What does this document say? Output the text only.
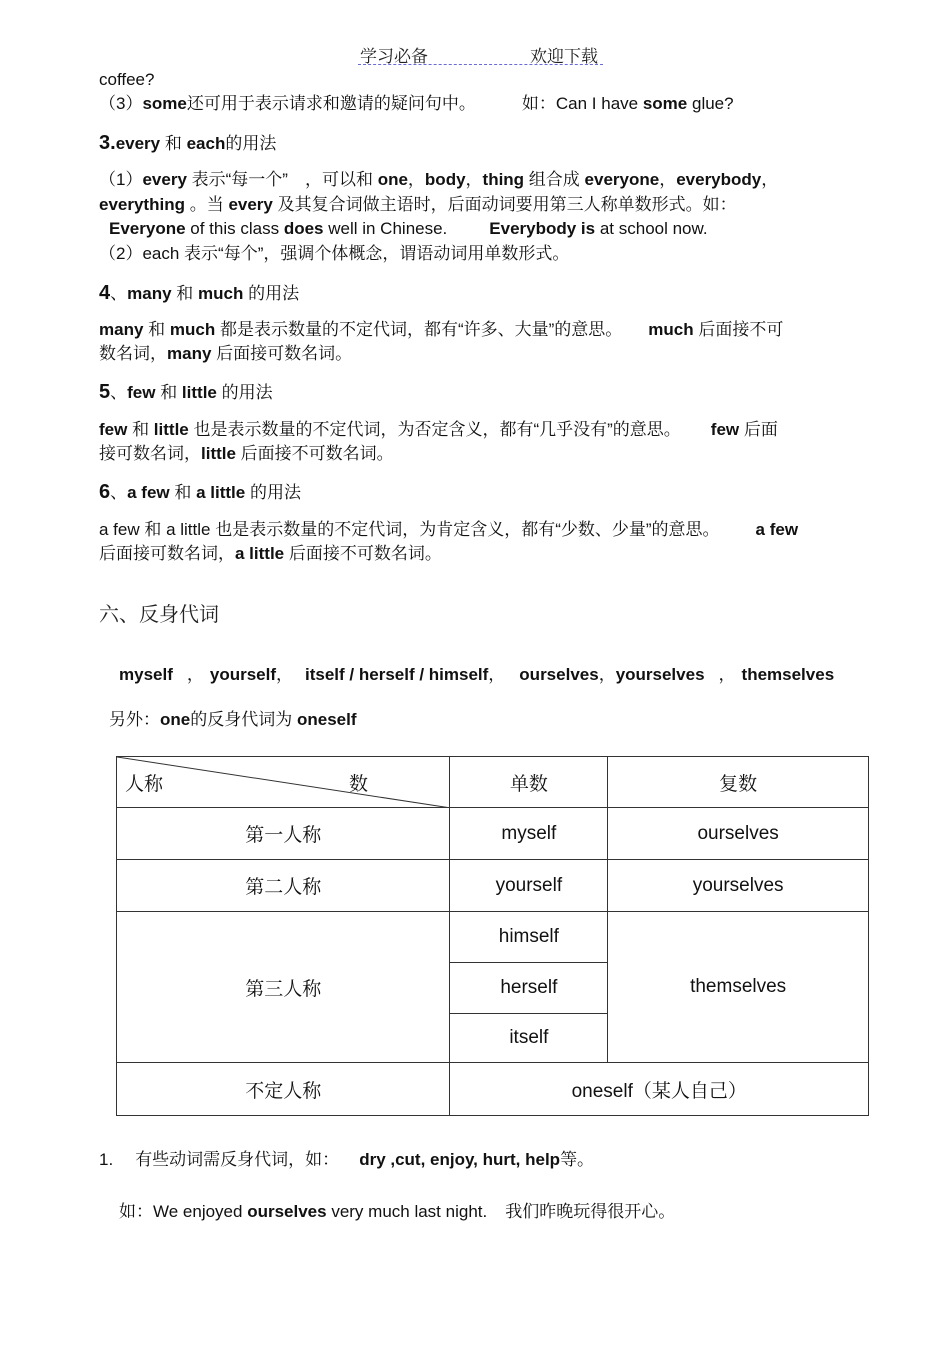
学习必备	欢迎下载
coffee?
（3）some还可用于表示请求和邀请的疑问句中。	如：Can I have some glue?
3.every 和 each的用法
（1）every 表示“每一个”　，可以和 one，body，thing 组合成 everyone，everybody，
everything 。当 every 及其复合词做主语时，后面动词要用第三人称单数形式。如：
Everyone of this class does well in Chinese. Everybody is at school now.
（2）each 表示“每个”，强调个体概念，谓语动词用单数形式。
4、many 和 much 的用法
many 和 much 都是表示数量的不定代词，都有“许多、大量”的意思。 much 后面接不可
数名词，many 后面接可数名词。
5、few 和 little 的用法
few 和 little 也是表示数量的不定代词，为否定含义，都有“几乎没有”的意思。 few 后面
接可数名词，little 后面接不可数名词。
6、a few 和 a little 的用法
a few 和 a little 也是表示数量的不定代词，为肯定含义，都有“少数、少量”的意思。 a few
后面接可数名词，a little 后面接不可数名词。
六、反身代词
myself ， yourself， itself / herself / himself， ourselves，yourselves ， themselves
另外：one的反身代词为 oneself
人称 数	单数	复数
第一人称	myself	ourselves
第二人称	yourself	yourselves
第三人称	himself	themselves
	herself	
	itself	
不定人称	oneself（某人自己）	
1. 有些动词需反身代词，如： dry ,cut, enjoy, hurt, help等。
如：We enjoyed ourselves very much last night. 我们昨晚玩得很开心。
